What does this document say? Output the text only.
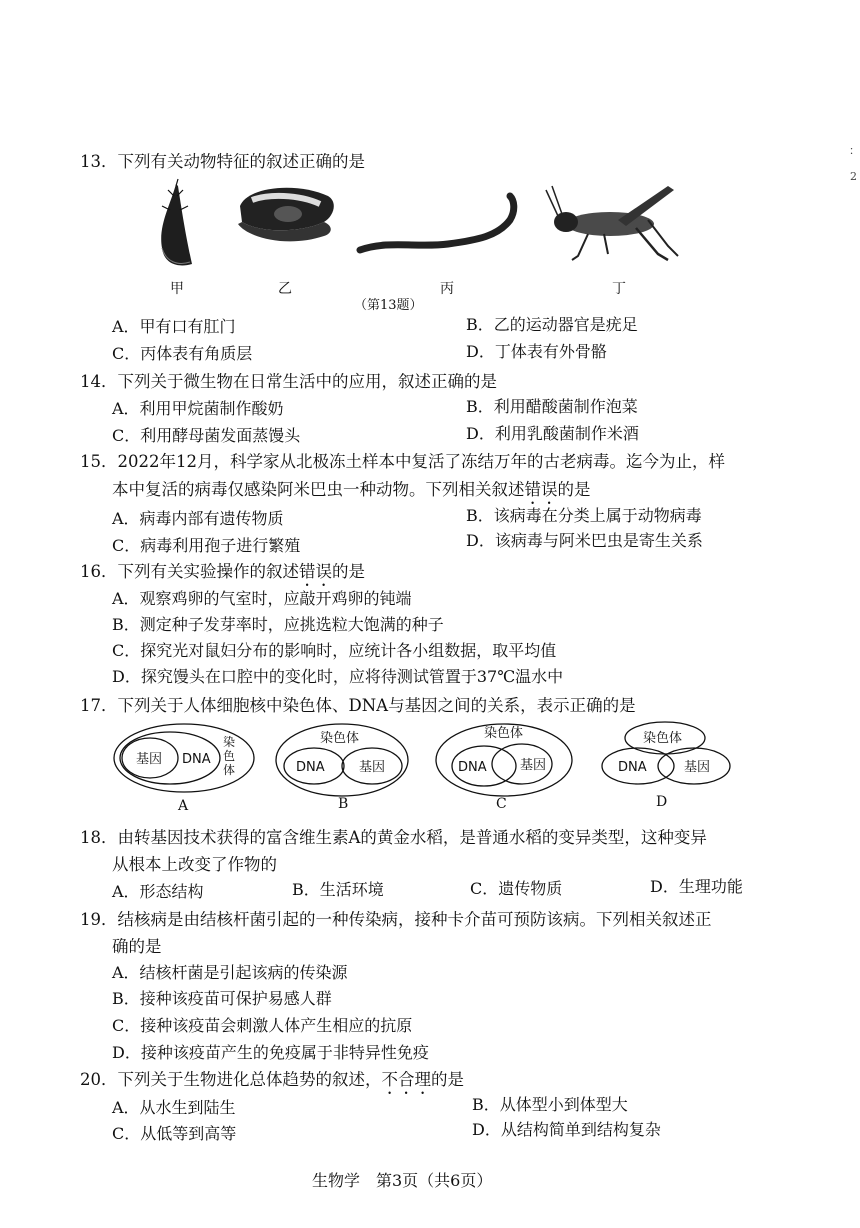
：
2
13．下列有关动物特征的叙述正确的是
甲	乙	丙	丁
（第13题）
A．甲有口有肛门	B．乙的运动器官是疣足
C．丙体表有角质层	D．丁体表有外骨骼
14．下列关于微生物在日常生活中的应用，叙述正确的是
A．利用甲烷菌制作酸奶	B．利用醋酸菌制作泡菜
C．利用酵母菌发面蒸馒头	D．利用乳酸菌制作米酒
15．2022年12月，科学家从北极冻土样本中复活了冻结万年的古老病毒。迄今为止，样
本中复活的病毒仅感染阿米巴虫一种动物。下列相关叙述错误的是
A．病毒内部有遗传物质	B．该病毒在分类上属于动物病毒
C．病毒利用孢子进行繁殖	D．该病毒与阿米巴虫是寄生关系
16．下列有关实验操作的叙述错误的是
A．观察鸡卵的气室时，应敲开鸡卵的钝端
B．测定种子发芽率时，应挑选粒大饱满的种子
C．探究光对鼠妇分布的影响时，应统计各小组数据，取平均值
D．探究馒头在口腔中的变化时，应将待测试管置于37℃温水中
17．下列关于人体细胞核中染色体、DNA与基因之间的关系，表示正确的是
基因 DNA
染
色
体
染色体
DNA	基因
染色体
DNA	基因
染色体
DNA	基因
A	B	C	D
18．由转基因技术获得的富含维生素A的黄金水稻，是普通水稻的变异类型，这种变异
从根本上改变了作物的
A．形态结构	B．生活环境	C．遗传物质	D．生理功能
19．结核病是由结核杆菌引起的一种传染病，接种卡介苗可预防该病。下列相关叙述正
确的是
A．结核杆菌是引起该病的传染源
B．接种该疫苗可保护易感人群
C．接种该疫苗会刺激人体产生相应的抗原
D．接种该疫苗产生的免疫属于非特异性免疫
20．下列关于生物进化总体趋势的叙述，不合理的是
A．从水生到陆生	B．从体型小到体型大
C．从低等到高等	D．从结构简单到结构复杂
生物学　第3页（共6页）
